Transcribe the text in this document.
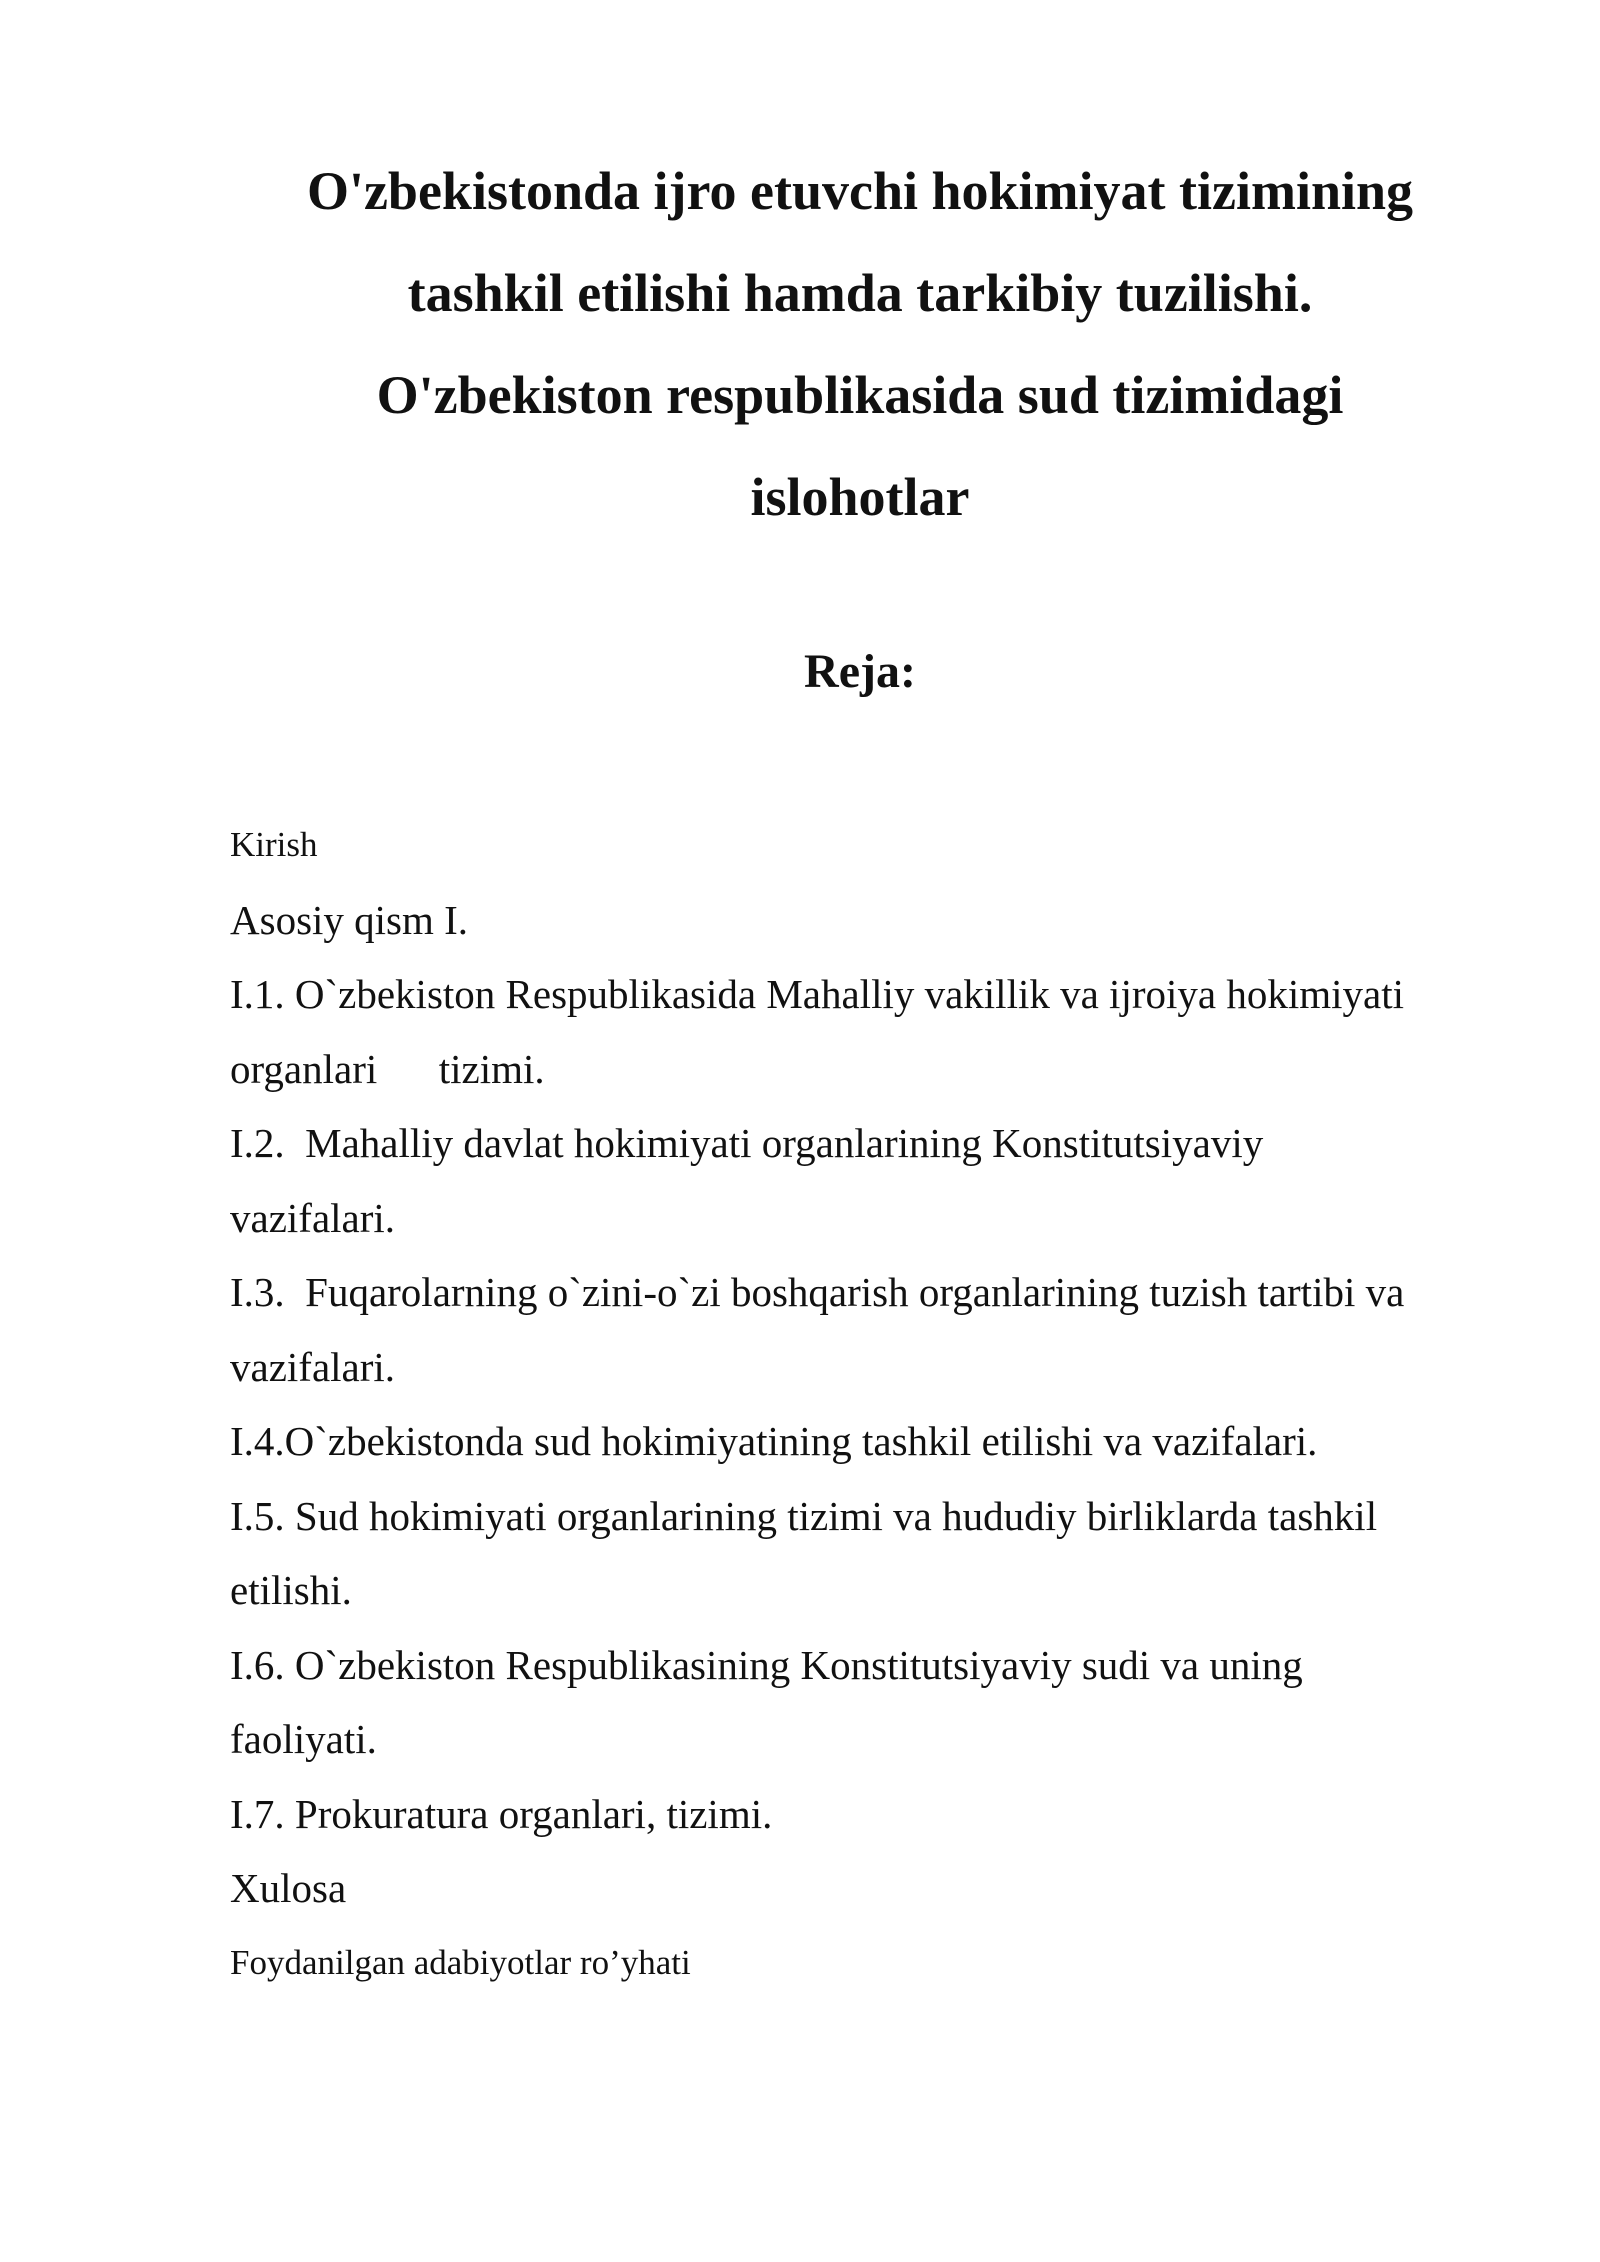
O'zbekistonda ijro etuvchi hokimiyat tizimining
tashkil etilishi hamda tarkibiy tuzilishi.
O'zbekiston respublikasida sud tizimidagi
islohotlar
Reja:
Kirish
Asosiy qism I.
I.1. O`zbekiston Respublikasida Mahalliy vakillik va ijroiya hokimiyati
organlari      tizimi.
I.2.  Mahalliy davlat hokimiyati organlarining Konstitutsiyaviy
vazifalari.
I.3.  Fuqarolarning o`zini-o`zi boshqarish organlarining tuzish tartibi va
vazifalari.
I.4.O`zbekistonda sud hokimiyatining tashkil etilishi va vazifalari.
I.5. Sud hokimiyati organlarining tizimi va hududiy birliklarda tashkil
etilishi.
I.6. O`zbekiston Respublikasining Konstitutsiyaviy sudi va uning
faoliyati.
I.7. Prokuratura organlari, tizimi.
Xulosa
Foydanilgan adabiyotlar ro’yhati
